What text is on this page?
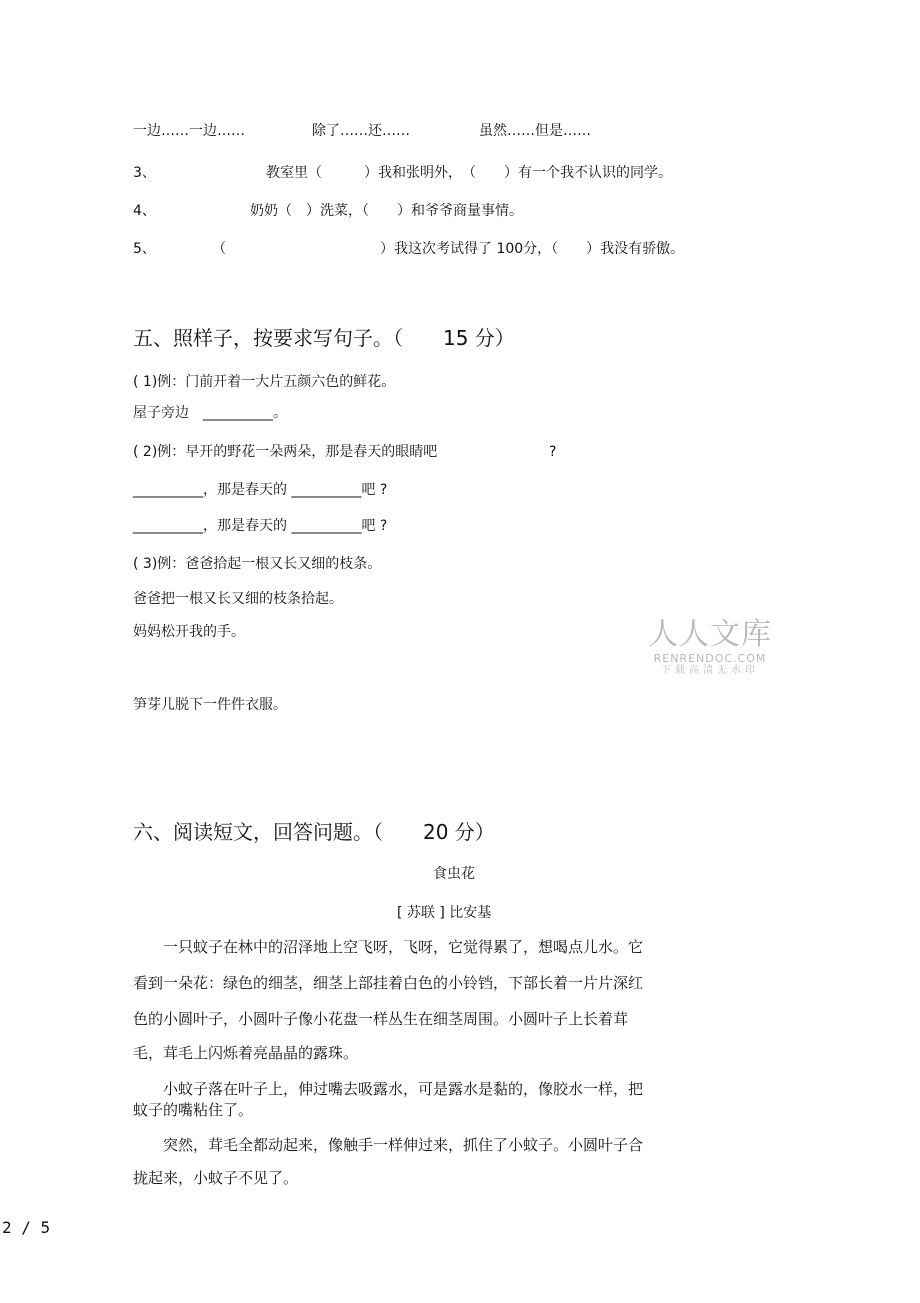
一边……一边……	除了……还……	虽然……但是……
3、	教室里（　　　）我和张明外，　（　　）有一个我不认识的同学。
4、	奶奶（　）洗菜，（　　）和爷爷商量事情。
5、	（　　　　　　　　　　　）我这次考试得了 100分，（　　）我没有骄傲。
五、照样子，按要求写句子。（　　15 分）
( 1)例：门前开着一大片五颜六色的鲜花。
屋子旁边　__________。
( 2)例：早开的野花一朵两朵，那是春天的眼睛吧	?
__________，那是春天的 __________吧 ?
__________，那是春天的 __________吧 ?
( 3)例：爸爸拾起一根又长又细的枝条。
爸爸把一根又长又细的枝条拾起。
妈妈松开我的手。
笋芽儿脱下一件件衣服。
人人文库
RENRENDOC.COM
下载高清无水印
六、阅读短文，回答问题。（　　20 分）
食虫花
[ 苏联 ] 比安基
　　一只蚊子在林中的沼泽地上空飞呀，飞呀，它觉得累了，想喝点儿水。它
看到一朵花：绿色的细茎，细茎上部挂着白色的小铃铛，下部长着一片片深红
色的小圆叶子，小圆叶子像小花盘一样丛生在细茎周围。小圆叶子上长着茸
毛，茸毛上闪烁着亮晶晶的露珠。
　　小蚊子落在叶子上，伸过嘴去吸露水，可是露水是黏的，像胶水一样，把
蚊子的嘴粘住了。
　　突然，茸毛全都动起来，像触手一样伸过来，抓住了小蚊子。小圆叶子合
拢起来，小蚊子不见了。
2 / 5
